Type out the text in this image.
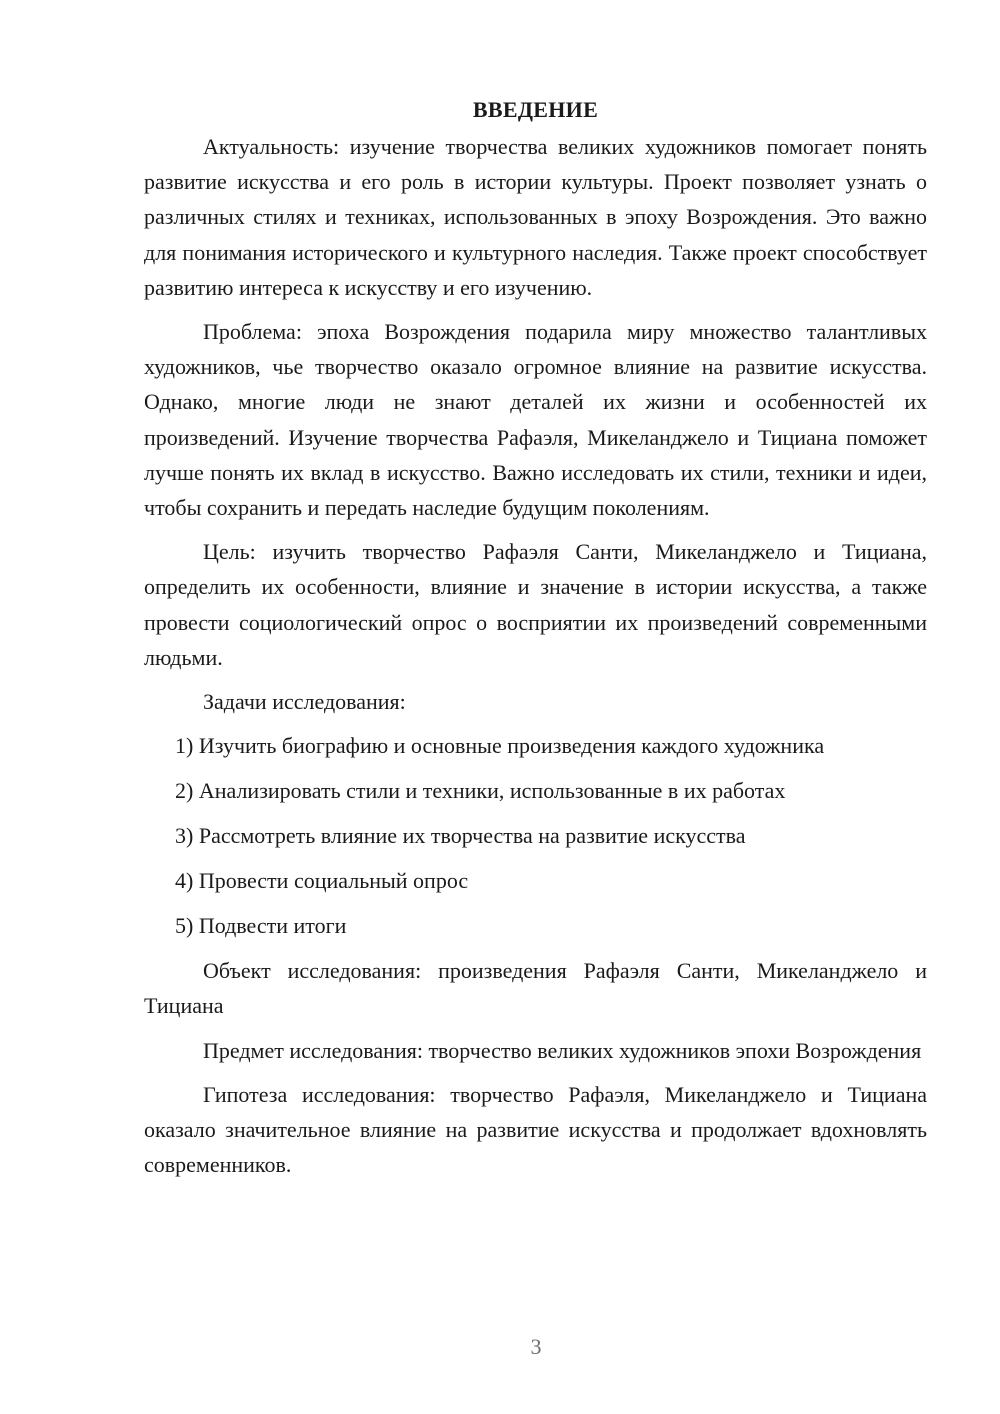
ВВЕДЕНИЕ

Актуальность: изучение творчества великих художников помогает понять развитие искусства и его роль в истории культуры. Проект позволяет узнать о различных стилях и техниках, использованных в эпоху Возрождения. Это важно для понимания исторического и культурного наследия. Также проект способствует развитию интереса к искусству и его изучению.

Проблема: эпоха Возрождения подарила миру множество талантливых художников, чье творчество оказало огромное влияние на развитие искусства. Однако, многие люди не знают деталей их жизни и особенностей их произведений. Изучение творчества Рафаэля, Микеланджело и Тициана поможет лучше понять их вклад в искусство. Важно исследовать их стили, техники и идеи, чтобы сохранить и передать наследие будущим поколениям.

Цель: изучить творчество Рафаэля Санти, Микеланджело и Тициана, определить их особенности, влияние и значение в истории искусства, а также провести социологический опрос о восприятии их произведений современными людьми.

Задачи исследования:

1) Изучить биографию и основные произведения каждого художника
2) Анализировать стили и техники, использованные в их работах
3) Рассмотреть влияние их творчества на развитие искусства
4) Провести социальный опрос
5) Подвести итоги

Объект исследования: произведения Рафаэля Санти, Микеланджело и Тициана

Предмет исследования: творчество великих художников эпохи Возрождения

Гипотеза исследования: творчество Рафаэля, Микеланджело и Тициана оказало значительное влияние на развитие искусства и продолжает вдохновлять современников.

3
